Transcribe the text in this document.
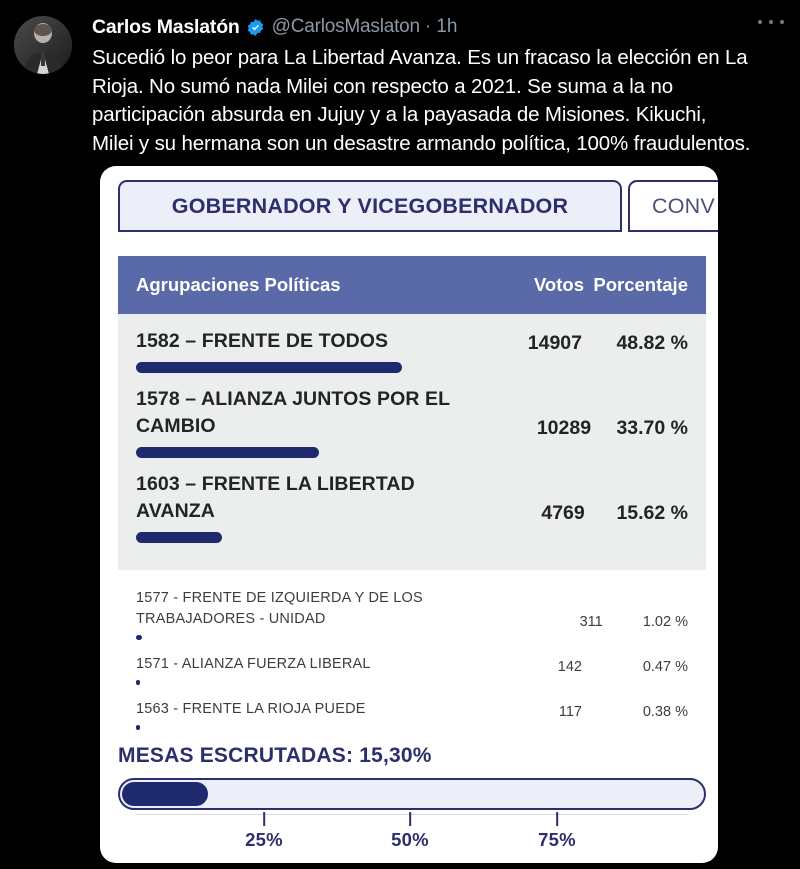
Carlos Maslatón @CarlosMaslaton · 1h
Sucedió lo peor para La Libertad Avanza. Es un fracaso la elección en La Rioja. No sumó nada Milei con respecto a 2021. Se suma a la no participación absurda en Jujuy y a la payasada de Misiones. Kikuchi, Milei y su hermana son un desastre armando política, 100% fraudulentos.
GOBERNADOR Y VICEGOBERNADOR	CONV
Agrupaciones Políticas	Votos Porcentaje
1582 – FRENTE DE TODOS	14907	48.82 %
1578 – ALIANZA JUNTOS POR EL CAMBIO	10289	33.70 %
1603 – FRENTE LA LIBERTAD AVANZA	4769	15.62 %
1577 - FRENTE DE IZQUIERDA Y DE LOS TRABAJADORES - UNIDAD	311	1.02 %
1571 - ALIANZA FUERZA LIBERAL	142	0.47 %
1563 - FRENTE LA RIOJA PUEDE	117	0.38 %
MESAS ESCRUTADAS: 15,30%
25%	50%	75%
